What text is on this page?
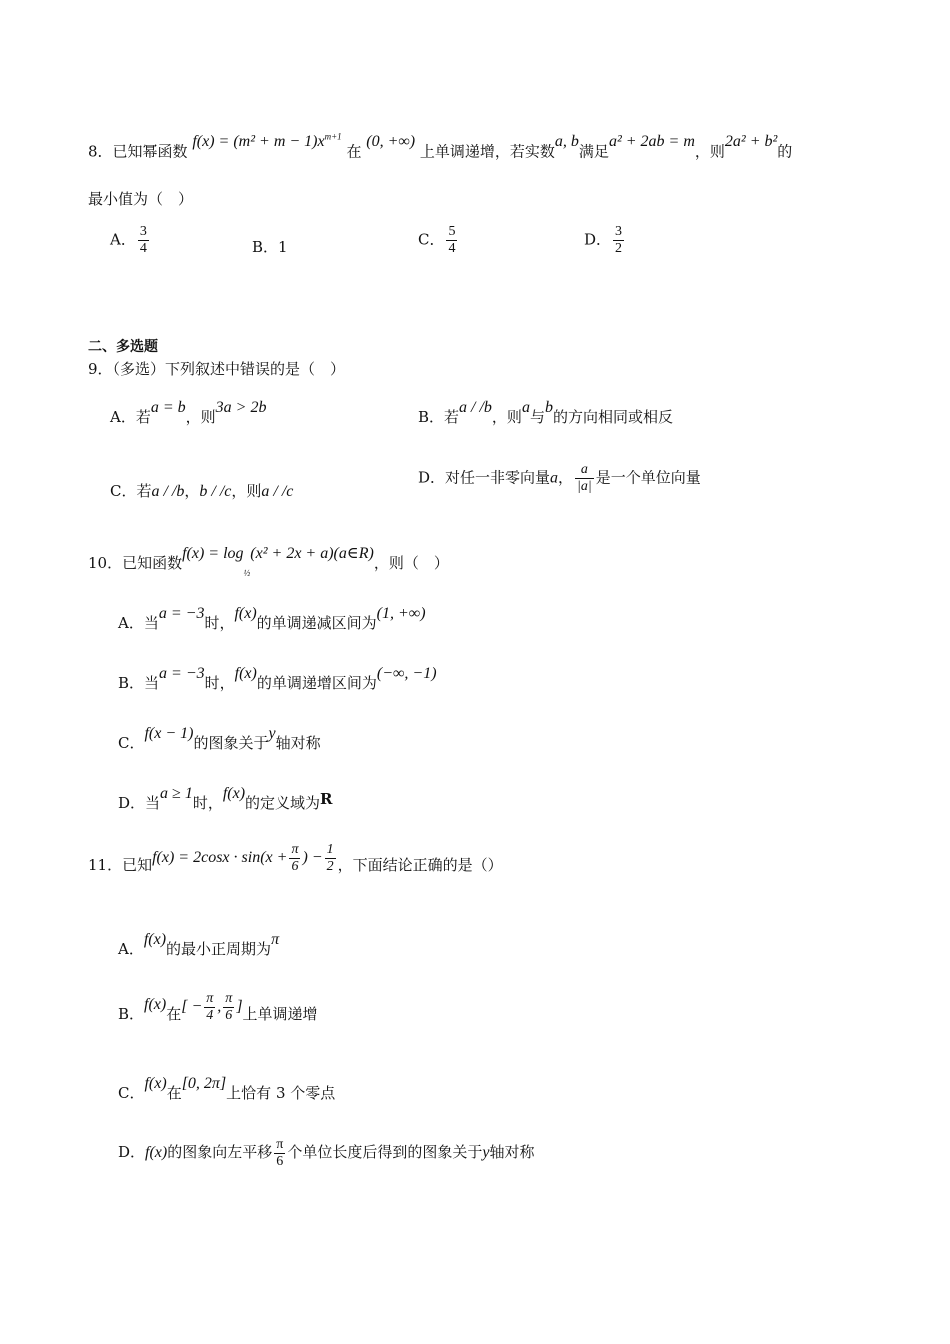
8．已知幂函数 $f(x) = (m^2 + m - 1)x^{m+1}$ 在 (0, +∞) 上单调递增，若实数a, b满足a² + 2ab = m，则2a² + b²的
最小值为（　）
A． $\frac{3}{4}$	B．1	C． $\frac{5}{4}$	D． $\frac{3}{2}$
二、多选题
9．（多选）下列叙述中错误的是（　）
A．若a = b，则3a > 2b
B．若a / /b，则a与b的方向相同或相反
C．若a / /b，b / /c，则a / /c
D．对任一非零向量a， $\frac{a}{|a|}$ 是一个单位向量
10．已知函数$f(x) = \log_{\frac{1}{2}}(x^2 + 2x$ + a)(a∈R)，则（　）
A．当a = −3时，f(x)的单调递减区间为(1, +∞)
B．当a = −3时，f(x)的单调递增区间为(−∞, −1)
C．f(x − 1)的图象关于y轴对称
D．当a ≥ 1时，f(x)的定义域为R
11．已知$f(x) = 2\cos x \cdot \sin(x + \frac{\pi}{6}$ ) − $\frac{1}{2}$ ，下面结论正确的是（）
A．f(x)的最小正周期为π
B．f(x)在[ − $\frac{\pi}{4}$ , $\frac{\pi}{6}$ ]上单调递增
C．f(x)在[0, 2π]上恰有 3 个零点
D．f(x)的图象向左平移 $\frac{\pi}{6}$ 个单位长度后得到的图象关于y轴对称
